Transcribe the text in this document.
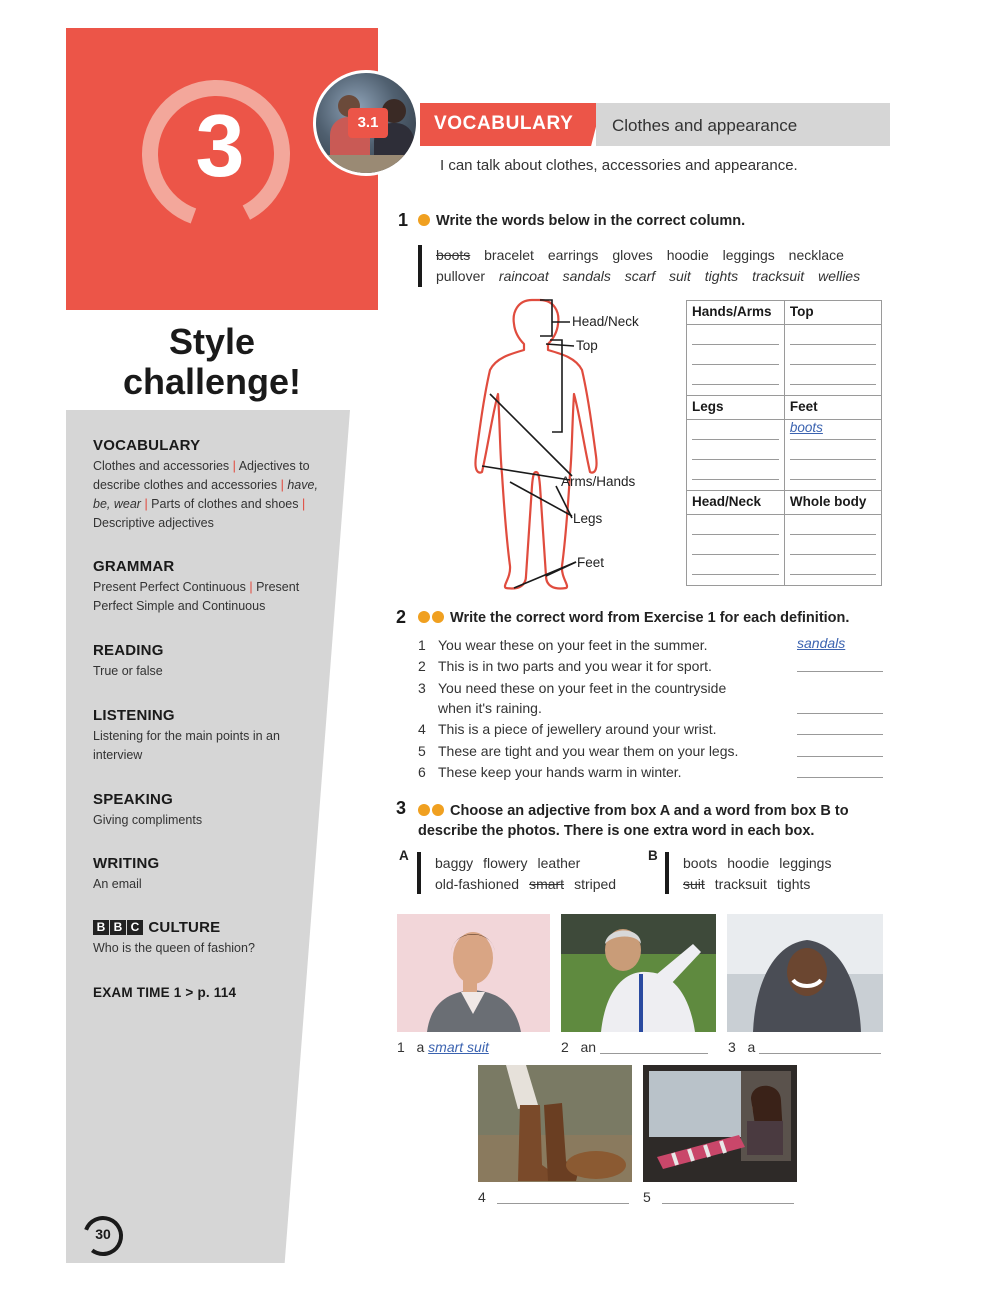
3
Style
challenge!
VOCABULARY
Clothes and accessories | Adjectives to describe clothes and accessories | have, be, wear | Parts of clothes and shoes | Descriptive adjectives
GRAMMAR
Present Perfect Continuous | Present Perfect Simple and Continuous
READING
True or false
LISTENING
Listening for the main points in an interview
SPEAKING
Giving compliments
WRITING
An email
B B C CULTURE
Who is the queen of fashion?
EXAM TIME 1 > p. 114
30
3.1	VOCABULARY Clothes and appearance
I can talk about clothes, accessories and appearance.
1	Write the words below in the correct column.
boots bracelet earrings gloves hoodie leggings necklace
pullover raincoat sandals scarf suit tights tracksuit wellies
Head/Neck
Top
Arms/Hands
Legs
Feet
Hands/Arms	Top

Legs	Feet

	boots

Head/Neck	Whole body

2	Write the correct word from Exercise 1 for each definition.
1 You wear these on your feet in the summer.	sandals
2 This is in two parts and you wear it for sport.
3 You need these on your feet in the countryside
when it's raining.
4 This is a piece of jewellery around your wrist.
5 These are tight and you wear them on your legs.
6 These keep your hands warm in winter.
3	Choose an adjective from box A and a word from box B to
describe the photos. There is one extra word in each box.
A baggy flowery leather
old-fashioned smart striped
B boots hoodie leggings
suit tracksuit tights
1 a smart suit	2 an	3 a
4	5
